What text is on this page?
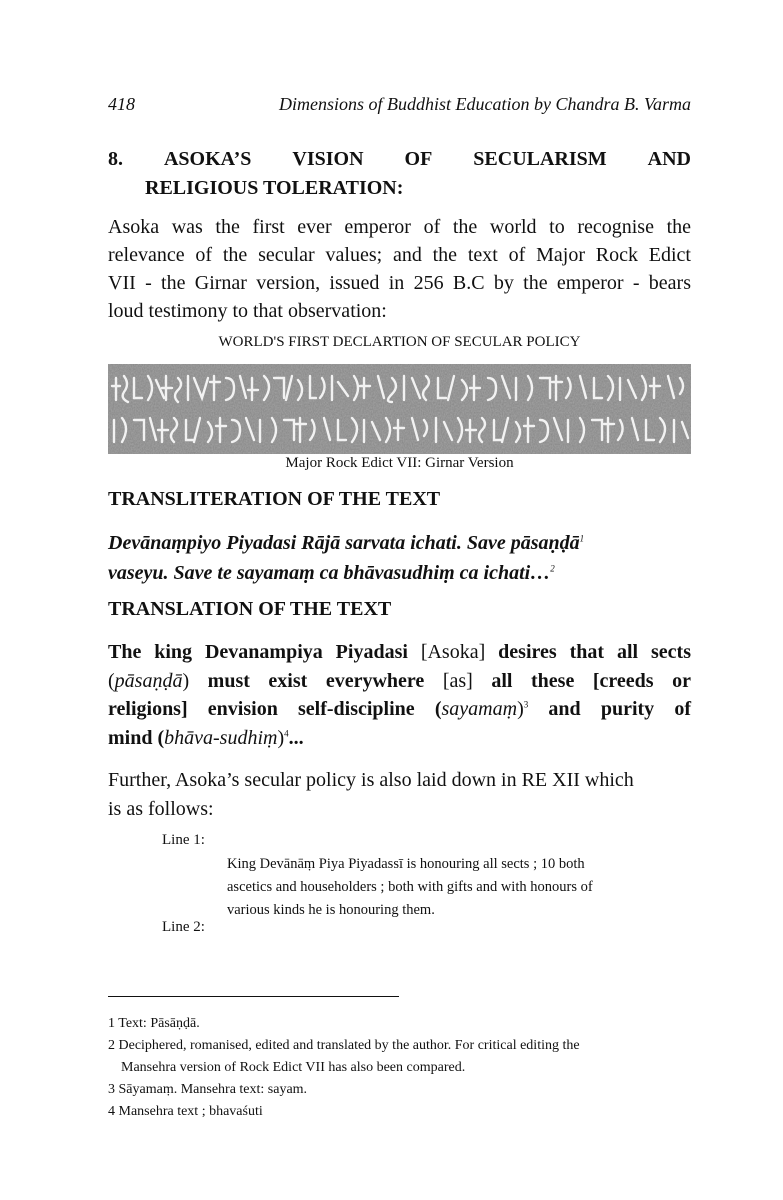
418	Dimensions of Buddhist Education by Chandra B. Varma
8. ASOKA’S VISION OF SECULARISM AND
RELIGIOUS TOLERATION:
Asoka was the first ever emperor of the world to recognise the
relevance of the secular values; and the text of Major Rock Edict
VII - the Girnar version, issued in 256 B.C by the emperor - bears
loud testimony to that observation:
WORLD'S FIRST DECLARTION OF SECULAR POLICY
Major Rock Edict VII: Girnar Version
TRANSLITERATION OF THE TEXT
Devānaṃpiyo Piyadasi Rājā sarvata ichati. Save pāsaṇḍā$^1$
vaseyu. Save te sayamaṃ ca bhāvasudhiṃ ca ichati…$^2$
TRANSLATION OF THE TEXT
The king Devanampiya Piyadasi [Asoka] desires that all sects
(pāsaṇḍā) must exist everywhere [as] all these [creeds or
religions] envision self-discipline (sayamaṃ)$^3$ and purity of
mind (bhāva-sudhiṃ)$^4$...
Further, Asoka’s secular policy is also laid down in RE XII which
is as follows:
Line 1:
King Devānāṃ Piya Piyadassī is honouring all sects ; 10 both
ascetics and householders ; both with gifts and with honours of
various kinds he is honouring them.
Line 2:
1 Text: Pāsāṇḍā.
2 Deciphered, romanised, edited and translated by the author. For critical editing the
Mansehra version of Rock Edict VII has also been compared.
3 Sāyamaṃ. Mansehra text: sayam.
4 Mansehra text ; bhavaśuti
